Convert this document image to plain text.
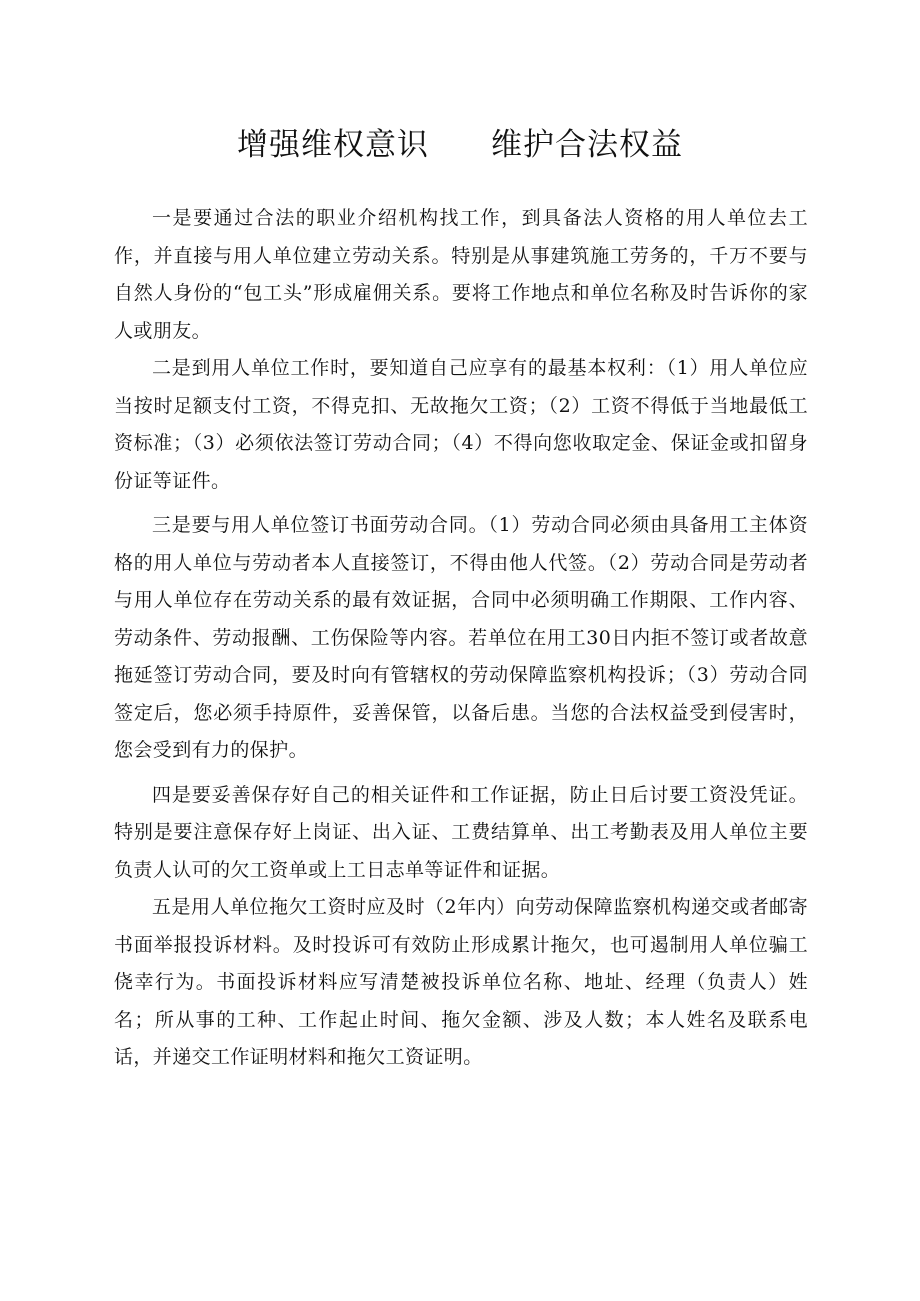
增强维权意识 维护合法权益

一是要通过合法的职业介绍机构找工作，到具备法人资格的用人单位去工作，并直接与用人单位建立劳动关系。特别是从事建筑施工劳务的，千万不要与自然人身份的“包工头”形成雇佣关系。要将工作地点和单位名称及时告诉你的家人或朋友。

二是到用人单位工作时，要知道自己应享有的最基本权利：（1）用人单位应当按时足额支付工资，不得克扣、无故拖欠工资；（2）工资不得低于当地最低工资标准；（3）必须依法签订劳动合同；（4）不得向您收取定金、保证金或扣留身份证等证件。

三是要与用人单位签订书面劳动合同。（1）劳动合同必须由具备用工主体资格的用人单位与劳动者本人直接签订，不得由他人代签。（2）劳动合同是劳动者与用人单位存在劳动关系的最有效证据，合同中必须明确工作期限、工作内容、劳动条件、劳动报酬、工伤保险等内容。若单位在用工30日内拒不签订或者故意拖延签订劳动合同，要及时向有管辖权的劳动保障监察机构投诉；（3）劳动合同签定后，您必须手持原件，妥善保管，以备后患。当您的合法权益受到侵害时，您会受到有力的保护。

四是要妥善保存好自己的相关证件和工作证据，防止日后讨要工资没凭证。特别是要注意保存好上岗证、出入证、工费结算单、出工考勤表及用人单位主要负责人认可的欠工资单或上工日志单等证件和证据。

五是用人单位拖欠工资时应及时（2年内）向劳动保障监察机构递交或者邮寄书面举报投诉材料。及时投诉可有效防止形成累计拖欠，也可遏制用人单位骗工侥幸行为。书面投诉材料应写清楚被投诉单位名称、地址、经理（负责人）姓名；所从事的工种、工作起止时间、拖欠金额、涉及人数；本人姓名及联系电话，并递交工作证明材料和拖欠工资证明。
